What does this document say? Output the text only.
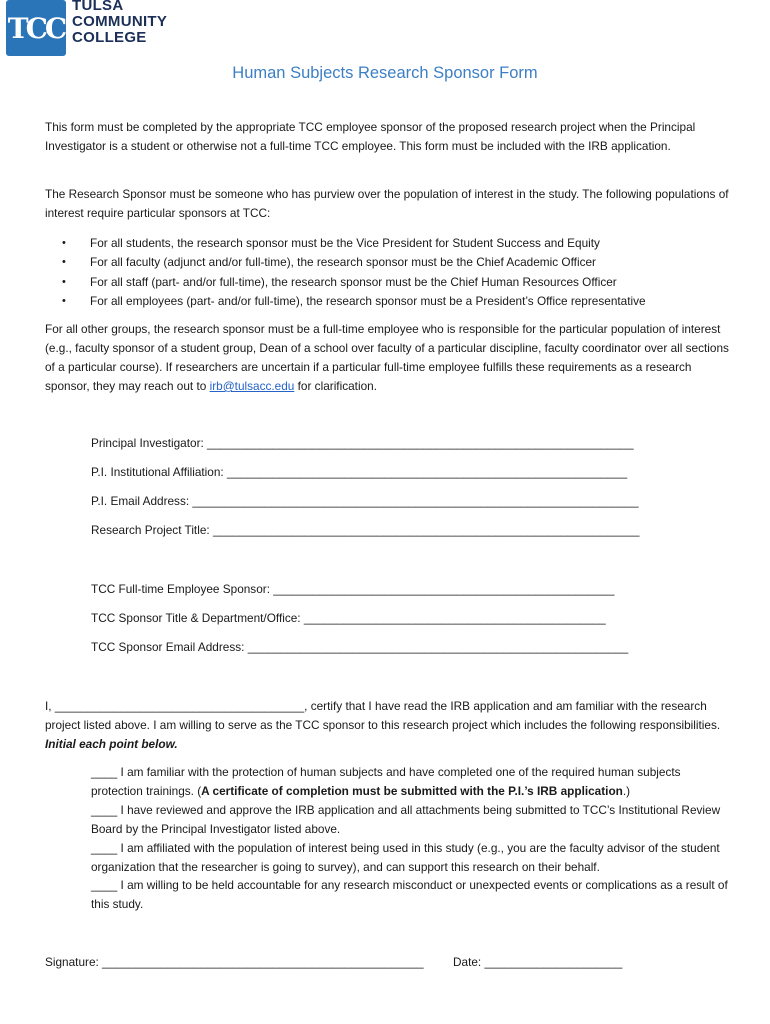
TCC
TULSA
COMMUNITY
COLLEGE
Human Subjects Research Sponsor Form
This form must be completed by the appropriate TCC employee sponsor of the proposed research project when the Principal Investigator is a student or otherwise not a full-time TCC employee. This form must be included with the IRB application.
The Research Sponsor must be someone who has purview over the population of interest in the study. The following populations of interest require particular sponsors at TCC:
•	For all students, the research sponsor must be the Vice President for Student Success and Equity
•	For all faculty (adjunct and/or full-time), the research sponsor must be the Chief Academic Officer
•	For all staff (part- and/or full-time), the research sponsor must be the Chief Human Resources Officer
•	For all employees (part- and/or full-time), the research sponsor must be a President’s Office representative
For all other groups, the research sponsor must be a full-time employee who is responsible for the particular population of interest (e.g., faculty sponsor of a student group, Dean of a school over faculty of a particular discipline, faculty coordinator over all sections of a particular course). If researchers are uncertain if a particular full-time employee fulfills these requirements as a research sponsor, they may reach out to irb@tulsacc.edu for clarification.
Principal Investigator: _________________________________________________________________
P.I. Institutional Affiliation: _____________________________________________________________
P.I. Email Address: ____________________________________________________________________
Research Project Title: _________________________________________________________________
TCC Full-time Employee Sponsor: ____________________________________________________
TCC Sponsor Title & Department/Office: ______________________________________________
TCC Sponsor Email Address: __________________________________________________________
I, ______________________________________, certify that I have read the IRB application and am familiar with the research project listed above. I am willing to serve as the TCC sponsor to this research project which includes the following responsibilities. Initial each point below.
____ I am familiar with the protection of human subjects and have completed one of the required human subjects protection trainings. (A certificate of completion must be submitted with the P.I.’s IRB application.)
____ I have reviewed and approve the IRB application and all attachments being submitted to TCC’s Institutional Review Board by the Principal Investigator listed above.
____ I am affiliated with the population of interest being used in this study (e.g., you are the faculty advisor of the student organization that the researcher is going to survey), and can support this research on their behalf.
____ I am willing to be held accountable for any research misconduct or unexpected events or complications as a result of this study.
Signature: _________________________________________________ Date: _____________________
